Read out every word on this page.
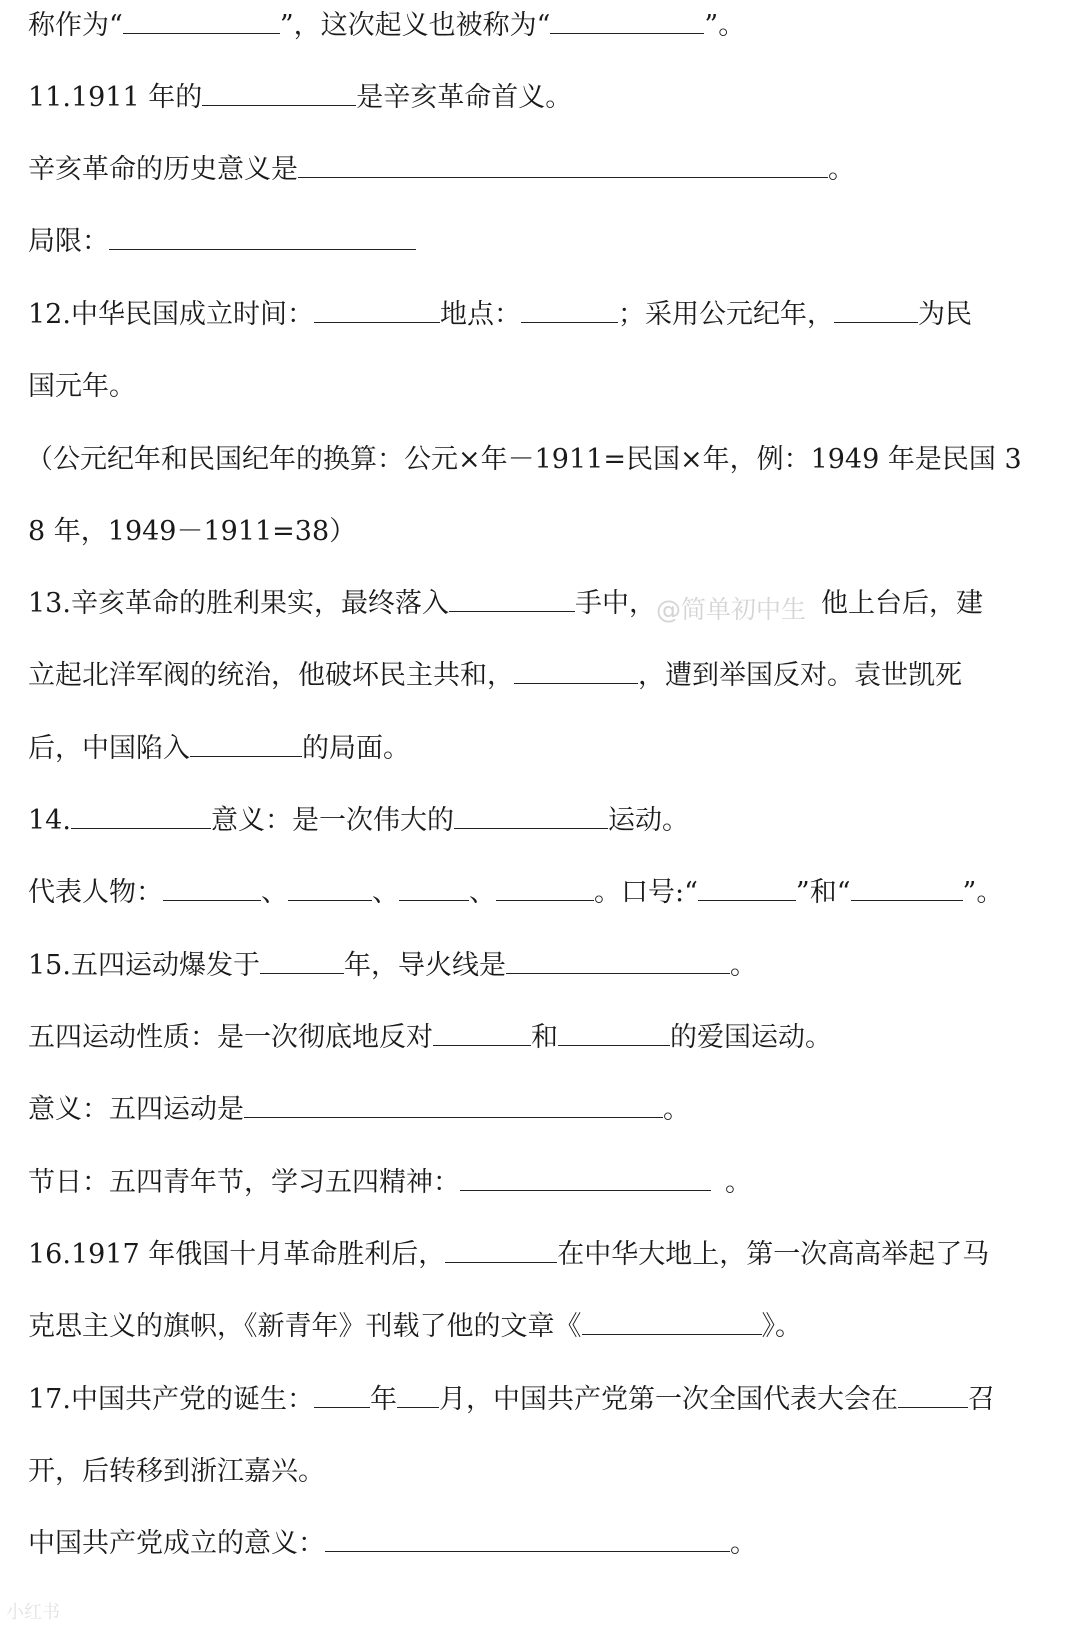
称作为“	”，这次起义也被称为“	”。
11.1911 年的	是辛亥革命首义。
辛亥革命的历史意义是	。
局限：
12.中华民国成立时间：	地点：	；采用公元纪年，	为民
国元年。
（公元纪年和民国纪年的换算：公元×年－1911=民国×年，例：1949 年是民国 3
8 年，1949－1911=38）
13.辛亥革命的胜利果实，最终落入	手中，	他上台后，建
立起北洋军阀的统治，他破坏民主共和，	，遭到举国反对。袁世凯死
后，中国陷入	的局面。
14.	意义：是一次伟大的	运动。
代表人物：	、	、	、	。口号:“	”和“	”。
15.五四运动爆发于	年，导火线是	。
五四运动性质：是一次彻底地反对	和	的爱国运动。
意义：五四运动是	。
节日：五四青年节，学习五四精神：	。
16.1917 年俄国十月革命胜利后，	在中华大地上，第一次高高举起了马
克思主义的旗帜，《新青年》刊载了他的文章《	》。
17.中国共产党的诞生： 年 月，中国共产党第一次全国代表大会在	召
开，后转移到浙江嘉兴。
中国共产党成立的意义：	。
@简单初中生
小红书
